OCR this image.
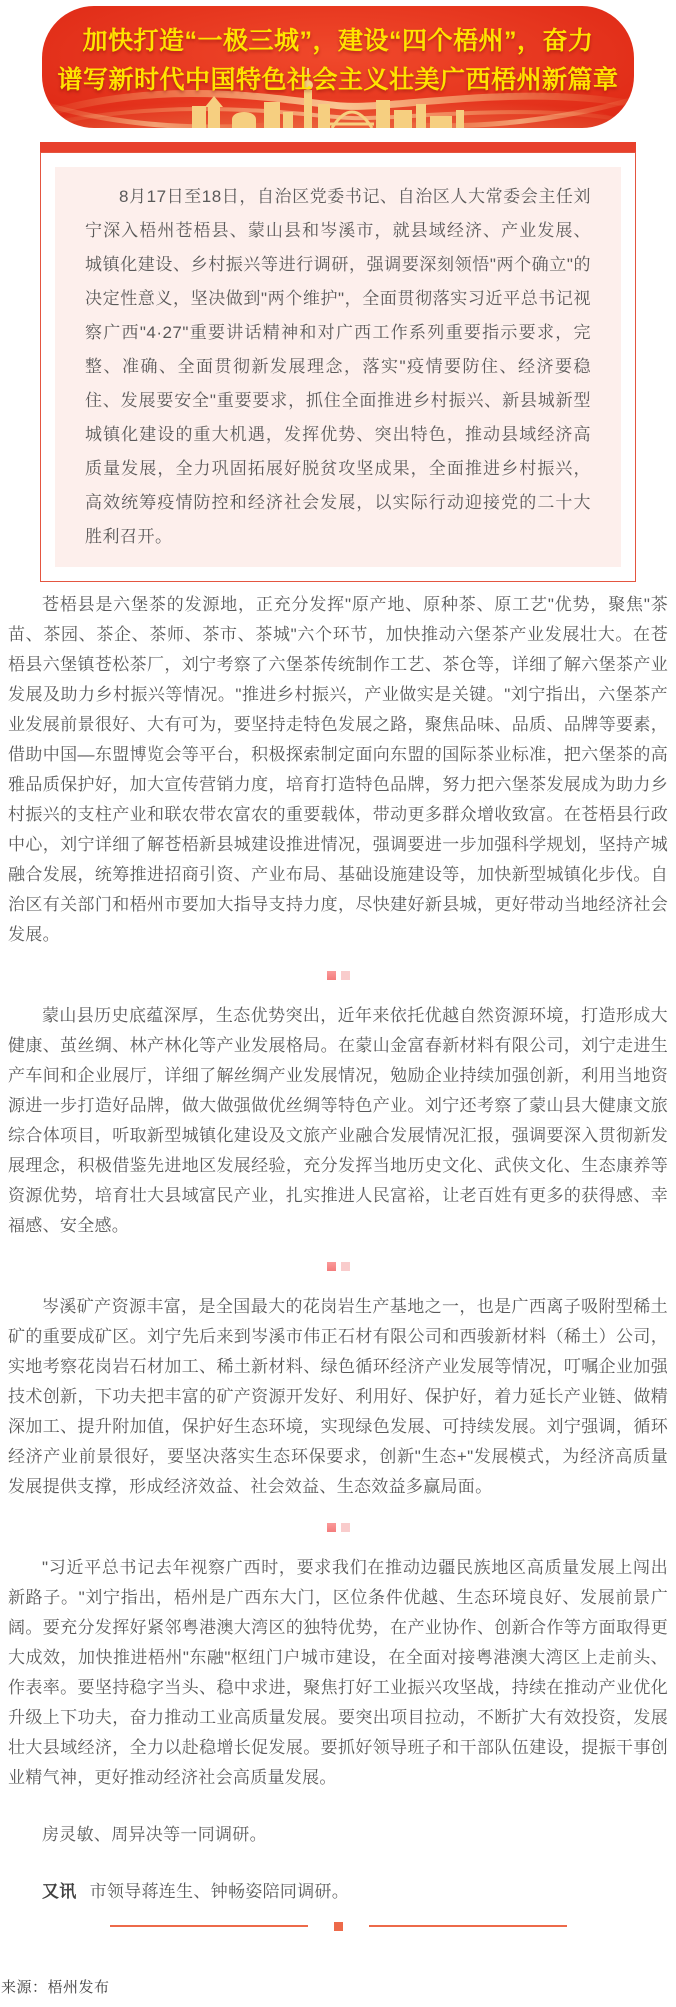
加快打造“一极三城”，建设“四个梧州”，奋力
谱写新时代中国特色社会主义壮美广西梧州新篇章

8月17日至18日，自治区党委书记、自治区人大常委会主任刘宁深入梧州苍梧县、蒙山县和岑溪市，就县域经济、产业发展、城镇化建设、乡村振兴等进行调研，强调要深刻领悟"两个确立"的决定性意义，坚决做到"两个维护"，全面贯彻落实习近平总书记视察广西"4·27"重要讲话精神和对广西工作系列重要指示要求，完整、准确、全面贯彻新发展理念，落实"疫情要防住、经济要稳住、发展要安全"重要要求，抓住全面推进乡村振兴、新县城新型城镇化建设的重大机遇，发挥优势、突出特色，推动县域经济高质量发展，全力巩固拓展好脱贫攻坚成果，全面推进乡村振兴，高效统筹疫情防控和经济社会发展，以实际行动迎接党的二十大胜利召开。

苍梧县是六堡茶的发源地，正充分发挥"原产地、原种茶、原工艺"优势，聚焦"茶苗、茶园、茶企、茶师、茶市、茶城"六个环节，加快推动六堡茶产业发展壮大。在苍梧县六堡镇苍松茶厂，刘宁考察了六堡茶传统制作工艺、茶仓等，详细了解六堡茶产业发展及助力乡村振兴等情况。"推进乡村振兴，产业做实是关键。"刘宁指出，六堡茶产业发展前景很好、大有可为，要坚持走特色发展之路，聚焦品味、品质、品牌等要素，借助中国—东盟博览会等平台，积极探索制定面向东盟的国际茶业标准，把六堡茶的高雅品质保护好，加大宣传营销力度，培育打造特色品牌，努力把六堡茶发展成为助力乡村振兴的支柱产业和联农带农富农的重要载体，带动更多群众增收致富。在苍梧县行政中心，刘宁详细了解苍梧新县城建设推进情况，强调要进一步加强科学规划，坚持产城融合发展，统筹推进招商引资、产业布局、基础设施建设等，加快新型城镇化步伐。自治区有关部门和梧州市要加大指导支持力度，尽快建好新县城，更好带动当地经济社会发展。

蒙山县历史底蕴深厚，生态优势突出，近年来依托优越自然资源环境，打造形成大健康、茧丝绸、林产林化等产业发展格局。在蒙山金富春新材料有限公司，刘宁走进生产车间和企业展厅，详细了解丝绸产业发展情况，勉励企业持续加强创新，利用当地资源进一步打造好品牌，做大做强做优丝绸等特色产业。刘宁还考察了蒙山县大健康文旅综合体项目，听取新型城镇化建设及文旅产业融合发展情况汇报，强调要深入贯彻新发展理念，积极借鉴先进地区发展经验，充分发挥当地历史文化、武侠文化、生态康养等资源优势，培育壮大县域富民产业，扎实推进人民富裕，让老百姓有更多的获得感、幸福感、安全感。

岑溪矿产资源丰富，是全国最大的花岗岩生产基地之一，也是广西离子吸附型稀土矿的重要成矿区。刘宁先后来到岑溪市伟正石材有限公司和西骏新材料（稀土）公司，实地考察花岗岩石材加工、稀土新材料、绿色循环经济产业发展等情况，叮嘱企业加强技术创新，下功夫把丰富的矿产资源开发好、利用好、保护好，着力延长产业链、做精深加工、提升附加值，保护好生态环境，实现绿色发展、可持续发展。刘宁强调，循环经济产业前景很好，要坚决落实生态环保要求，创新"生态+"发展模式，为经济高质量发展提供支撑，形成经济效益、社会效益、生态效益多赢局面。

"习近平总书记去年视察广西时，要求我们在推动边疆民族地区高质量发展上闯出新路子。"刘宁指出，梧州是广西东大门，区位条件优越、生态环境良好、发展前景广阔。要充分发挥好紧邻粤港澳大湾区的独特优势，在产业协作、创新合作等方面取得更大成效，加快推进梧州"东融"枢纽门户城市建设，在全面对接粤港澳大湾区上走前头、作表率。要坚持稳字当头、稳中求进，聚焦打好工业振兴攻坚战，持续在推动产业优化升级上下功夫，奋力推动工业高质量发展。要突出项目拉动，不断扩大有效投资，发展壮大县域经济，全力以赴稳增长促发展。要抓好领导班子和干部队伍建设，提振干事创业精气神，更好推动经济社会高质量发展。

房灵敏、周异决等一同调研。

又讯 市领导蒋连生、钟畅姿陪同调研。

来源：梧州发布
